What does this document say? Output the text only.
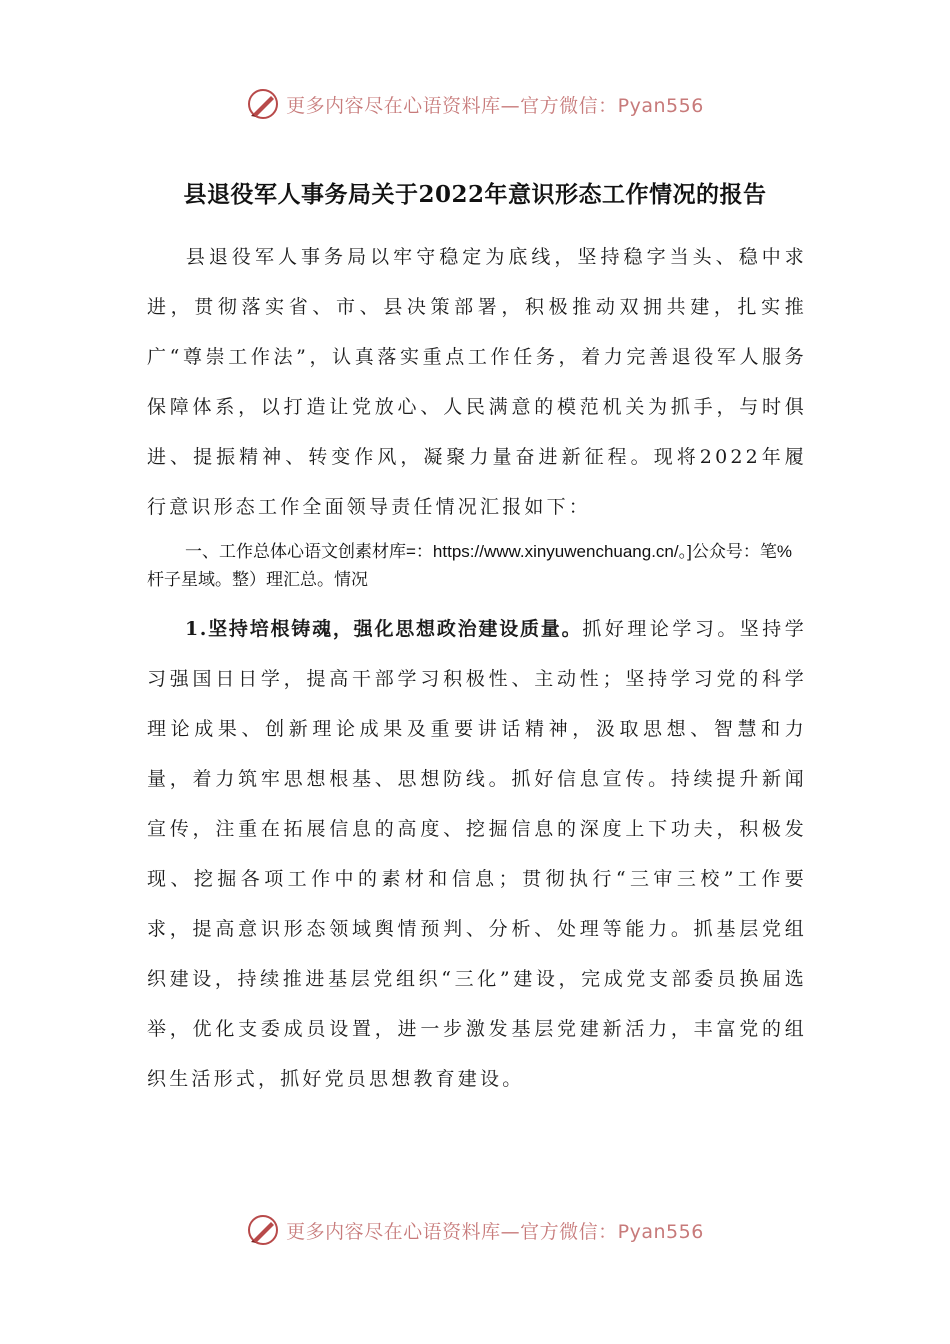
更多内容尽在心语资料库—官方微信：Pyan556
县退役军人事务局关于2022年意识形态工作情况的报告

县退役军人事务局以牢守稳定为底线，坚持稳字当头、稳中求进，贯彻落实省、市、县决策部署，积极推动双拥共建，扎实推广“尊崇工作法”，认真落实重点工作任务，着力完善退役军人服务保障体系，以打造让党放心、人民满意的模范机关为抓手，与时俱进、提振精神、转变作风，凝聚力量奋进新征程。现将2022年履行意识形态工作全面领导责任情况汇报如下：

一、工作总体心语文创素材库=：https://www.xinyuwenchuang.cn/。]公众号：笔%杆子星域。整）理汇总。情况

1.坚持培根铸魂，强化思想政治建设质量。抓好理论学习。坚持学习强国日日学，提高干部学习积极性、主动性；坚持学习党的科学理论成果、创新理论成果及重要讲话精神，汲取思想、智慧和力量，着力筑牢思想根基、思想防线。抓好信息宣传。持续提升新闻宣传，注重在拓展信息的高度、挖掘信息的深度上下功夫，积极发现、挖掘各项工作中的素材和信息；贯彻执行“三审三校”工作要求，提高意识形态领域舆情预判、分析、处理等能力。抓基层党组织建设，持续推进基层党组织“三化”建设，完成党支部委员换届选举，优化支委成员设置，进一步激发基层党建新活力，丰富党的组织生活形式，抓好党员思想教育建设。

更多内容尽在心语资料库—官方微信：Pyan556
